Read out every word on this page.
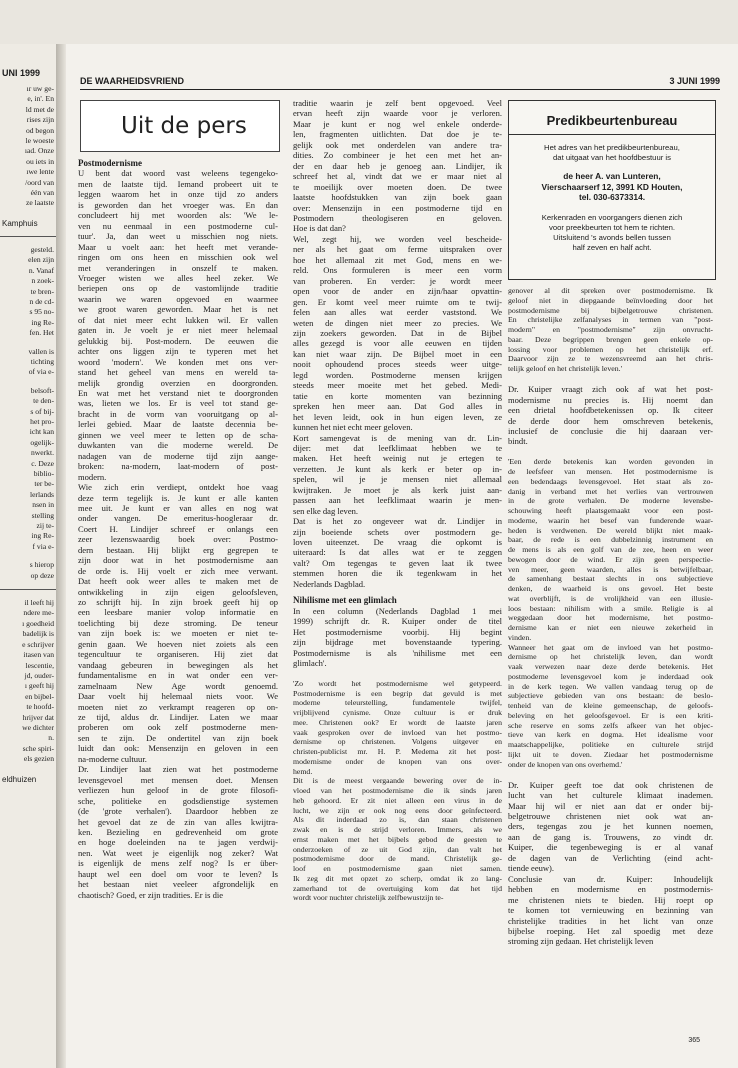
UNI 1999
ır uw ge-
e, in'. En
ld met de
rises zijn
od begon
le woeste
ıad. Onze
ou iets in
ıwe lente
/oord van
één van
ze laatste
Kamphuis
gesteld.
elen zijn
n. Vanaf
n zoek-
te bren-
n de cd-
s 95 no-
ing Re-
fen. Het
vallen is
tichting
of via e-
belsoft-
te den-
s of bij-
het pro-
icht kan
ogelijk-
nwerkt.
c. Deze
biblio-
ter be-
lerlands
nsen in
stelling
zij te-
ing Re-
f via e-
s hierop
op deze
il leeft hij
ndere me-
ı goedheid
badelijk is
e schrijver
itasen van
lescentie,
jd, ouder-
ı geeft hij
en bijbel-
te hoofd-
hrijver dat
we dichter
n.
sche spiri-
els gezien
eldhuizen
DE WAARHEIDSVRIEND	3 JUNI 1999
Uit de pers
Postmodernisme

U bent dat woord vast weleens tegengeko-
men de laatste tijd. Iemand probeert uit te
leggen waarom het in onze tijd zo anders
is geworden dan het vroeger was. En dan
concludeert hij met woorden als: 'We le-
ven nu eenmaal in een postmoderne cul-
tuur'. Ja, dan weet u misschien nog niets.
Maar u voelt aan: het heeft met verande-
ringen om ons heen en misschien ook wel
met veranderingen in onszelf te maken.
Vroeger wisten we alles heel zeker. We
beriepen ons op de vastomlijnde traditie
waarin we waren opgevoed en waarmee
we groot waren geworden. Maar het is net
of dat niet meer echt lukken wil. Er vallen
gaten in. Je voelt je er niet meer helemaal
gelukkig bij. Post-modern. De eeuwen die
achter ons liggen zijn te typeren met het
woord 'modern'. We konden met ons ver-
stand het geheel van mens en wereld ta-
melijk grondig overzien en doorgronden.
En wat met het verstand niet te doorgronden
was, lieten we los. Er is veel tot stand ge-
bracht in de vorm van vooruitgang op al-
lerlei gebied. Maar de laatste decennia be-
ginnen we veel meer te letten op de scha-
duwkanten van die moderne wereld. De
nadagen van de moderne tijd zijn aange-
broken: na-modern, laat-modern of post-
modern.

Wie zich erin verdiept, ontdekt hoe vaag
deze term tegelijk is. Je kunt er alle kanten
mee uit. Je kunt er van alles en nog wat
onder vangen. De emeritus-hoogleraar dr.
Coert H. Lindijer schreef er onlangs een
zeer lezenswaardig boek over: Postmo-
dern bestaan. Hij blijkt erg gegrepen te
zijn door wat in het postmodernisme aan
de orde is. Hij voelt er zich mee verwant.
Dat heeft ook weer alles te maken met de
ontwikkeling in zijn eigen geloofsleven,
zo schrijft hij. In zijn broek geeft hij op
een leesbare manier volop informatie en
toelichting bij deze stroming. De teneur
van zijn boek is: we moeten er niet te-
genin gaan. We hoeven niet zoiets als een
tegencultuur te organiseren. Hij ziet dat
vandaag gebeuren in bewegingen als het
fundamentalisme en in wat onder een ver-
zamelnaam New Age wordt genoemd.
Daar voelt hij helemaal niets voor. We
moeten niet zo verkrampt reageren op on-
ze tijd, aldus dr. Lindijer. Laten we maar
proberen om ook zelf postmoderne men-
sen te zijn. De ondertitel van zijn boek
luidt dan ook: Mensenzijn en geloven in een
na-moderne cultuur.

Dr. Lindijer laat zien wat het postmoderne
levensgevoel met mensen doet. Mensen
verliezen hun geloof in de grote filosofi-
sche, politieke en godsdienstige systemen
(de 'grote verhalen'). Daardoor hebben ze
het gevoel dat ze de zin van alles kwijtra-
ken. Bezieling en gedrevenheid om grote
en hoge doeleinden na te jagen verdwij-
nen. Wat weet je eigenlijk nog zeker? Wat
is eigenlijk de mens zelf nog? Is er über-
haupt wel een doel om voor te leven? Is
het bestaan niet veeleer afgrondelijk en
chaotisch? Goed, er zijn tradities. Er is die

traditie waarin je zelf bent opgevoed. Veel
ervan heeft zijn waarde voor je verloren.
Maar je kunt er nog wel enkele onderde-
len, fragmenten uitlichten. Dat doe je te-
gelijk ook met onderdelen van andere tra-
dities. Zo combineer je het een met het an-
der en daar heb je genoeg aan. Lindijer, ik
schreef het al, vindt dat we er maar niet al
te moeilijk over moeten doen. De twee
laatste hoofdstukken van zijn boek gaan
over: Mensenzijn in een postmoderne tijd en
Postmodern theologiseren en geloven.
Hoe is dat dan?

Wel, zegt hij, we worden veel bescheide-
ner als het gaat om ferme uitspraken over
hoe het allemaal zit met God, mens en we-
reld. Ons formuleren is meer een vorm
van proberen. En verder: je wordt meer
open voor de ander en zijn/haar opvattin-
gen. Er komt veel meer ruimte om te twij-
felen aan alles wat eerder vaststond. We
weten de dingen niet meer zo precies. We
zijn zoekers geworden. Dat in de Bijbel
alles gezegd is voor alle eeuwen en tijden
kan niet waar zijn. De Bijbel moet in een
nooit ophoudend proces steeds weer uitge-
legd worden. Postmoderne mensen krijgen
steeds meer moeite met het gebed. Medi-
tatie en korte momenten van bezinning
spreken hen meer aan. Dat God alles in
het leven leidt, ook in hun eigen leven, ze
kunnen het niet echt meer geloven.

Kort samengevat is de mening van dr. Lin-
dijer: met dat leefklimaat hebben we te
maken. Het heeft weinig nut je ertegen te
verzetten. Je kunt als kerk er beter op in-
spelen, wil je je mensen niet allemaal
kwijtraken. Je moet je als kerk juist aan-
passen aan het leefklimaat waarin je men-
sen elke dag leven.

Dat is het zo ongeveer wat dr. Lindijer in
zijn boeiende schets over postmodern ge-
loven uiteenzet. De vraag die opkomt is
uiteraard: Is dat alles wat er te zeggen
valt? Om tegengas te geven laat ik twee
stemmen horen die ik tegenkwam in het
Nederlands Dagblad.

Nihilisme met een glimlach

In een column (Nederlands Dagblad 1 mei
1999) schrijft dr. R. Kuiper onder de titel
Het postmodernisme voorbij. Hij begint
zijn bijdrage met bovenstaande typering.
Postmodernisme is als 'nihilisme met een
glimlach'.

'Zo wordt het postmodernisme wel getypeerd.
Postmodernisme is een begrip dat gevuld is met
moderne teleurstelling, fundamentele twijfel,
vrijblijvend cynisme. Onze cultuur is er druk
mee. Christenen ook? Er wordt de laatste jaren
vaak gesproken over de invloed van het postmo-
dernisme op christenen. Volgens uitgever en
christen-publicist mr. H. P. Medema zit het post-
modernisme onder de knopen van ons over-
hemd.

Dit is de meest vergaande bewering over de in-
vloed van het postmodernisme die ik sinds jaren
heb gehoord. Er zit niet alleen een virus in de
lucht, we zijn er ook nog eens door geïnfecteerd.
Als dit inderdaad zo is, dan staan christenen
zwak en is de strijd verloren. Immers, als we
ernst maken met het bijbels gebod de geesten te
onderzoeken of ze uit God zijn, dan valt het
postmodernisme door de mand. Christelijk ge-
loof en postmodernisme gaan niet samen.
Ik zeg dit met opzet zo scherp, omdat ik zo lang-
zamerhand tot de overtuiging kom dat het tijd
wordt voor nuchter christelijk zelfbewustzijn te-

Predikbeurtenbureau
Het adres van het predikbeurtenbureau,
dat uitgaat van het hoofdbestuur is
de heer A. van Lunteren,
Vierschaarserf 12, 3991 KD Houten,
tel. 030-6373314.
Kerkenraden en voorgangers dienen zich
voor preekbeurten tot hem te richten.
Uitsluitend 's avonds bellen tussen
half zeven en half acht.

genover al dit spreken over postmodernisme. Ik
geloof niet in diepgaande beïnvloeding door het
postmodernisme bij bijbelgetrouwe christenen.
En christelijke zelfanalyses in termen van "post-
modern" en "postmodernisme" zijn onvrucht-
baar. Deze begrippen brengen geen enkele op-
lossing voor problemen op het christelijk erf.
Daarvoor zijn ze te wezensvreemd aan het chris-
telijk geloof en het christelijk leven.'

Dr. Kuiper vraagt zich ook af wat het post-
modernisme nu precies is. Hij noemt dan
een drietal hoofdbetekenissen op. Ik citeer
de derde door hem omschreven betekenis,
inclusief de conclusie die hij daaraan ver-
bindt.

'Een derde betekenis kan worden gevonden in
de leefsfeer van mensen. Het postmodernisme is
een bedendaags levensgevoel. Het staat als zo-
danig in verband met het verlies van vertrouwen
in de grote verhalen. De moderne levensbe-
schouwing heeft plaatsgemaakt voor een post-
moderne, waarin het besef van funderende waar-
heden is verdwenen. De wereld blijkt niet maak-
baar, de rede is een dubbelzinnig instrument en
de mens is als een golf van de zee, heen en weer
bewogen door de wind. Er zijn geen perspectie-
ven meer, geen waarden, alles is betwijfelbaar,
de samenhang bestaat slechts in ons subjectieve
denken, de waarheid is ons gevoel. Het beste
wat overblijft, is de vrolijkheid van een illusie-
loos bestaan: nihilism with a smile. Religie is al
weggedaan door het modernisme, het postmo-
dernisme kan er niet een nieuwe zekerheid in
vinden.

Wanneer het gaat om de invloed van het postmo-
dernisme op het christelijk leven, dan wordt
vaak verwezen naar deze derde betekenis. Het
postmoderne levensgevoel kom je inderdaad ook
in de kerk tegen. We vallen vandaag terug op de
subjectieve gebieden van ons bestaan: de beslo-
tenheid van de kleine gemeenschap, de geloofs-
beleving en het geloofsgevoel. Er is een kriti-
sche reserve en soms zelfs afkeer van het objec-
tieve van kerk en dogma. Het idealisme voor
maatschappelijke, politieke en culturele strijd
lijkt uit te doven. Ziedaar het postmodernisme
onder de knopen van ons overhemd.'

Dr. Kuiper geeft toe dat ook christenen de
lucht van het culturele klimaat inademen.
Maar hij wil er niet aan dat er onder bij-
belgetrouwe christenen niet ook wat an-
ders, tegengas zou je het kunnen noemen,
aan de gang is. Trouwens, zo vindt dr.
Kuiper, die tegenbeweging is er al vanaf
de dagen van de Verlichting (eind acht-
tiende eeuw).

Conclusie van dr. Kuiper: Inhoudelijk
hebben en modernisme en postmodernis-
me christenen niets te bieden. Hij roept op
te komen tot vernieuwing en bezinning van
christelijke tradities in het licht van onze
bijbelse roeping. Het zal spoedig met deze
stroming zijn gedaan. Het christelijk leven

365
